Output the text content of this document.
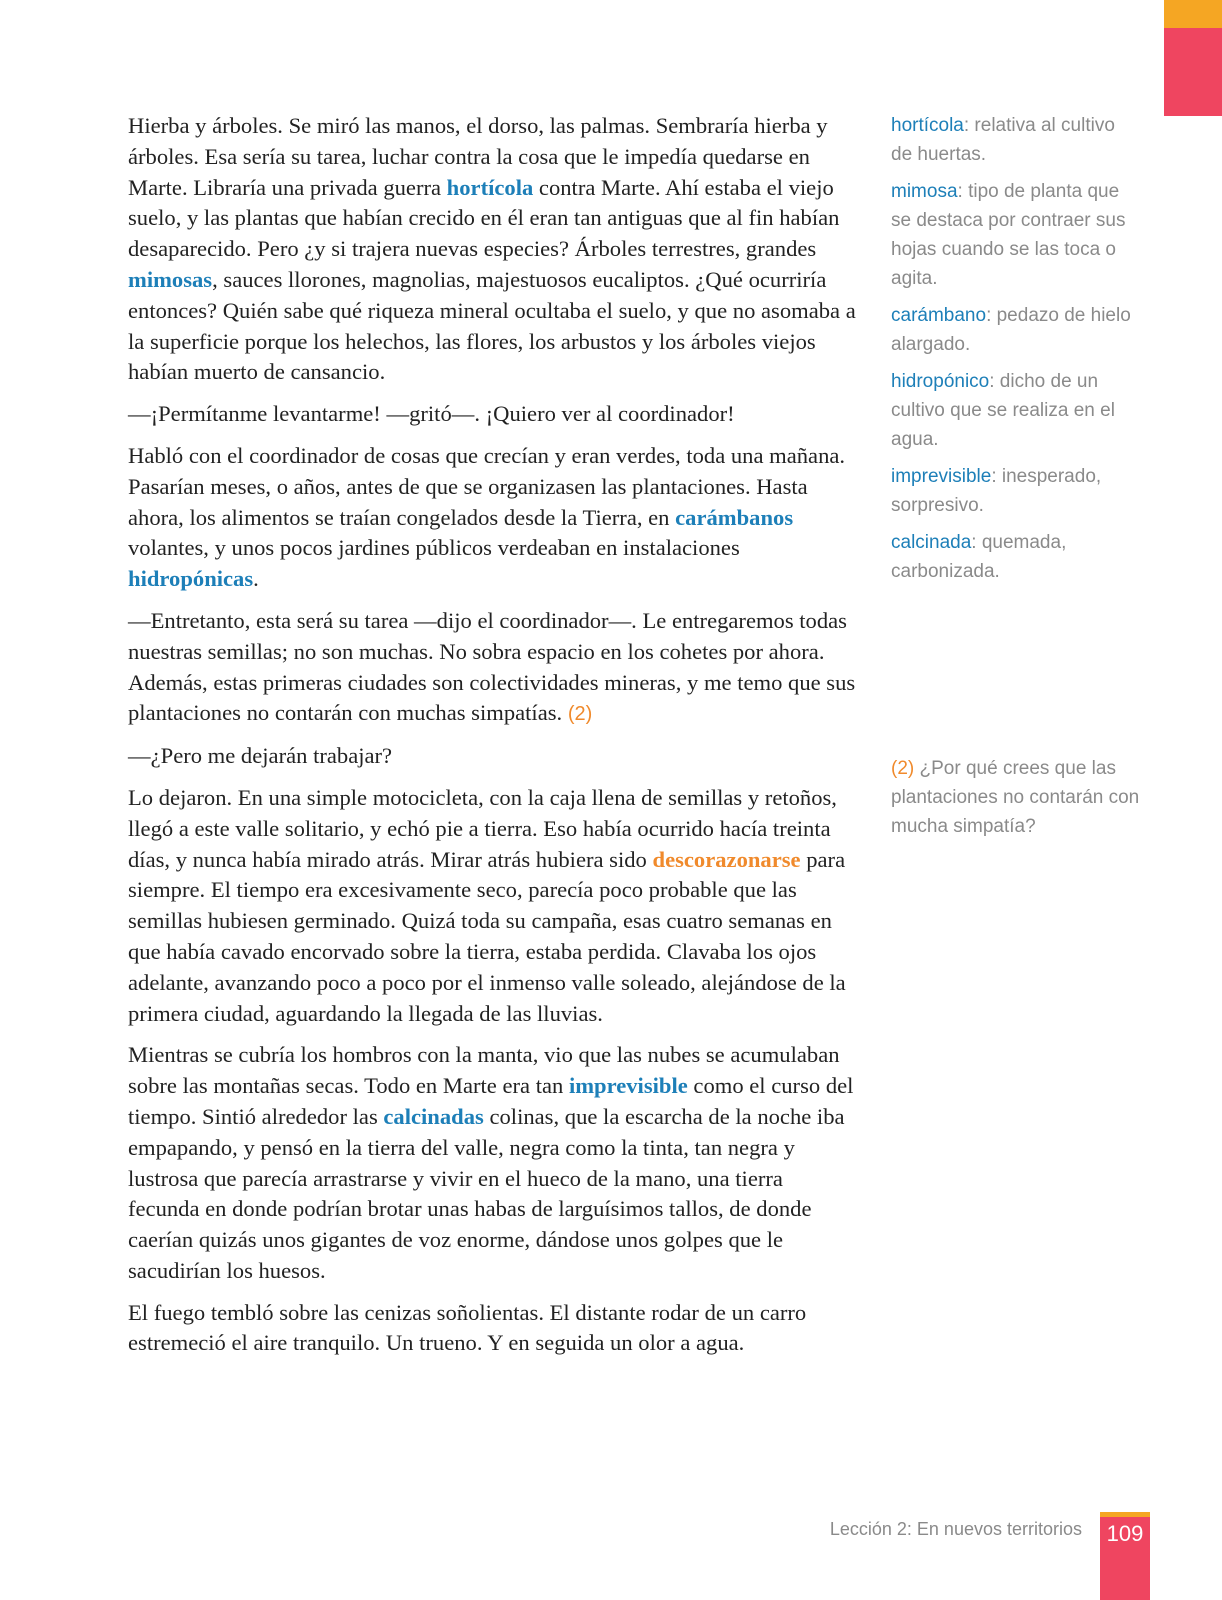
Hierba y árboles. Se miró las manos, el dorso, las palmas. Sembraría hierba y árboles. Esa sería su tarea, luchar contra la cosa que le impedía quedarse en Marte. Libraría una privada guerra hortícola contra Marte. Ahí estaba el viejo suelo, y las plantas que habían crecido en él eran tan antiguas que al fin habían desaparecido. Pero ¿y si trajera nuevas especies? Árboles terrestres, grandes mimosas, sauces llorones, magnolias, majestuosos eucaliptos. ¿Qué ocurriría entonces? Quién sabe qué riqueza mineral ocultaba el suelo, y que no asomaba a la superficie porque los helechos, las flores, los arbustos y los árboles viejos habían muerto de cansancio.

—¡Permítanme levantarme! —gritó—. ¡Quiero ver al coordinador!

Habló con el coordinador de cosas que crecían y eran verdes, toda una mañana. Pasarían meses, o años, antes de que se organizasen las plantaciones. Hasta ahora, los alimentos se traían congelados desde la Tierra, en carámbanos volantes, y unos pocos jardines públicos verdeaban en instalaciones hidropónicas.

—Entretanto, esta será su tarea —dijo el coordinador—. Le entregaremos todas nuestras semillas; no son muchas. No sobra espacio en los cohetes por ahora. Además, estas primeras ciudades son colectividades mineras, y me temo que sus plantaciones no contarán con muchas simpatías. (2)

—¿Pero me dejarán trabajar?

Lo dejaron. En una simple motocicleta, con la caja llena de semillas y retoños, llegó a este valle solitario, y echó pie a tierra. Eso había ocurrido hacía treinta días, y nunca había mirado atrás. Mirar atrás hubiera sido descorazonarse para siempre. El tiempo era excesivamente seco, parecía poco probable que las semillas hubiesen germinado. Quizá toda su campaña, esas cuatro semanas en que había cavado encorvado sobre la tierra, estaba perdida. Clavaba los ojos adelante, avanzando poco a poco por el inmenso valle soleado, alejándose de la primera ciudad, aguardando la llegada de las lluvias.

Mientras se cubría los hombros con la manta, vio que las nubes se acumulaban sobre las montañas secas. Todo en Marte era tan imprevisible como el curso del tiempo. Sintió alrededor las calcinadas colinas, que la escarcha de la noche iba empapando, y pensó en la tierra del valle, negra como la tinta, tan negra y lustrosa que parecía arrastrarse y vivir en el hueco de la mano, una tierra fecunda en donde podrían brotar unas habas de larguísimos tallos, de donde caerían quizás unos gigantes de voz enorme, dándose unos golpes que le sacudirían los huesos.

El fuego tembló sobre las cenizas soñolientas. El distante rodar de un carro estremeció el aire tranquilo. Un trueno. Y en seguida un olor a agua.

hortícola: relativa al cultivo de huertas.
mimosa: tipo de planta que se destaca por contraer sus hojas cuando se las toca o agita.
carámbano: pedazo de hielo alargado.
hidropónico: dicho de un cultivo que se realiza en el agua.
imprevisible: inesperado, sorpresivo.
calcinada: quemada, carbonizada.
(2) ¿Por qué crees que las plantaciones no contarán con mucha simpatía?
Lección 2: En nuevos territorios	109
